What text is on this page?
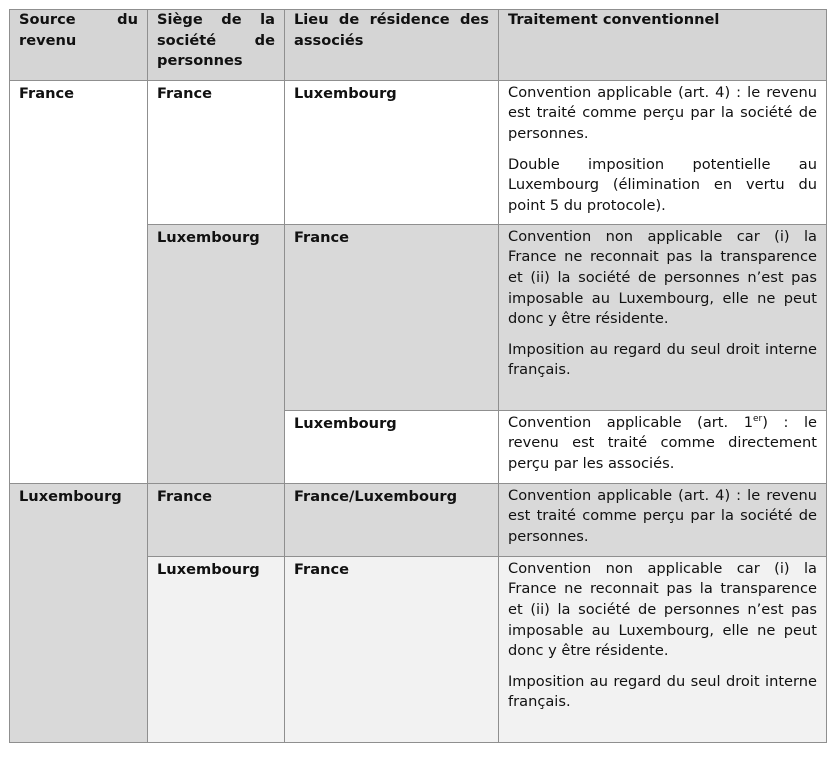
Source du revenu	Siège de la société de personnes	Lieu de résidence des associés	Traitement conventionnel

France	France	Luxembourg	Convention applicable (art. 4) : le revenu est traité comme perçu par la société de personnes.

Double imposition potentielle au Luxembourg (élimination en vertu du point 5 du protocole).

	Luxembourg	France	Convention non applicable car (i) la France ne reconnait pas la transparence et (ii) la société de personnes n’est pas imposable au Luxembourg, elle ne peut donc y être résidente.

Imposition au regard du seul droit interne français.

		Luxembourg	Convention applicable (art. 1er) : le revenu est traité comme directement perçu par les associés.

Luxembourg	France	France/Luxembourg	Convention applicable (art. 4) : le revenu est traité comme perçu par la société de personnes.

	Luxembourg	France	Convention non applicable car (i) la France ne reconnait pas la transparence et (ii) la société de personnes n’est pas imposable au Luxembourg, elle ne peut donc y être résidente.

Imposition au regard du seul droit interne français.
